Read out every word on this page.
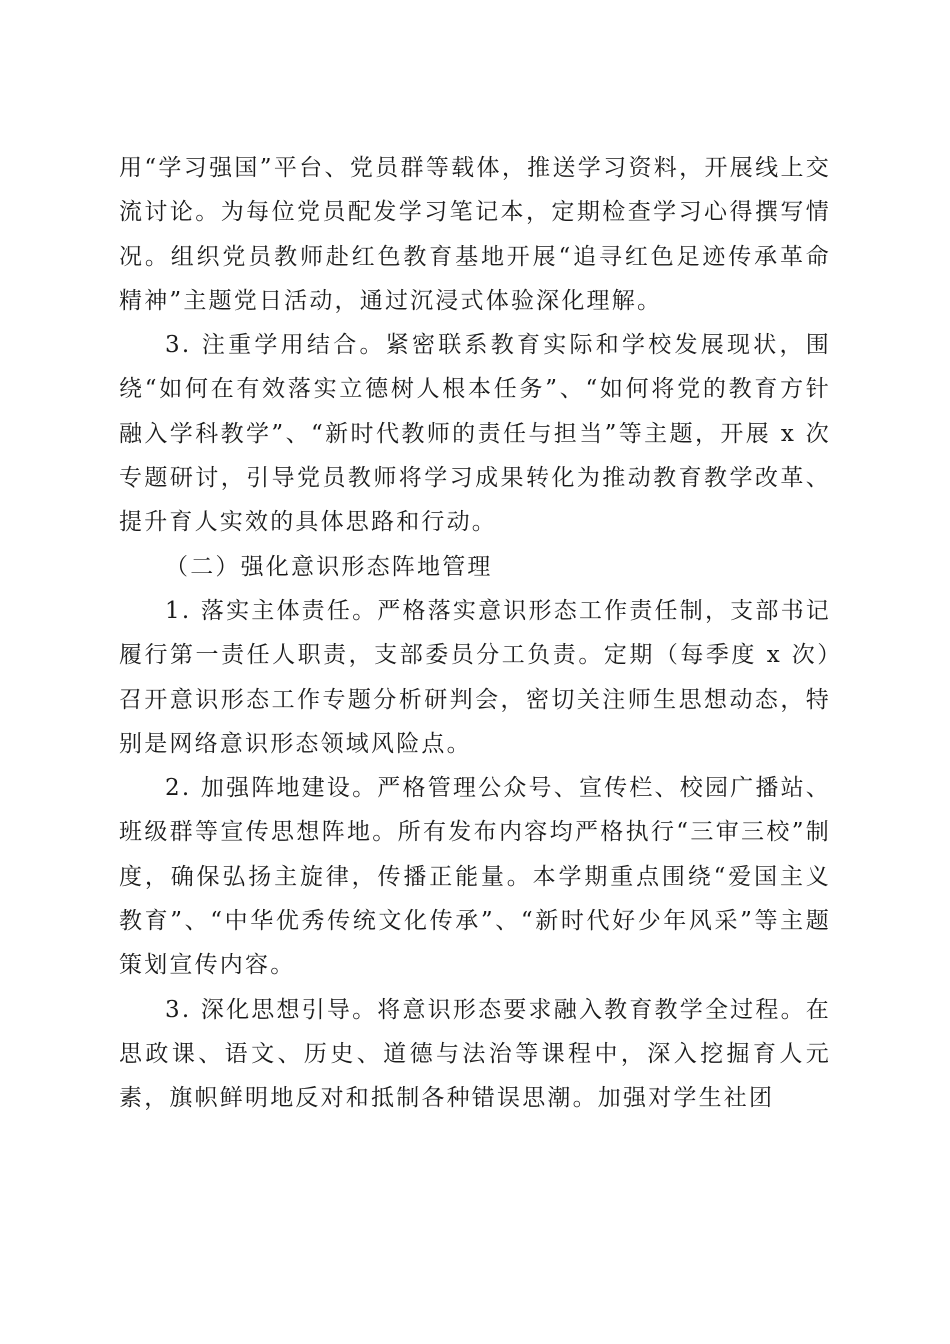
用“学习强国”平台、党员群等载体，推送学习资料，开展线上交流讨论。为每位党员配发学习笔记本，定期检查学习心得撰写情况。组织党员教师赴红色教育基地开展“追寻红色足迹传承革命精神”主题党日活动，通过沉浸式体验深化理解。

3. 注重学用结合。紧密联系教育实际和学校发展现状，围绕“如何在有效落实立德树人根本任务”、“如何将党的教育方针融入学科教学”、“新时代教师的责任与担当”等主题，开展 x 次专题研讨，引导党员教师将学习成果转化为推动教育教学改革、提升育人实效的具体思路和行动。

（二）强化意识形态阵地管理

1. 落实主体责任。严格落实意识形态工作责任制，支部书记履行第一责任人职责，支部委员分工负责。定期（每季度 x 次）召开意识形态工作专题分析研判会，密切关注师生思想动态，特别是网络意识形态领域风险点。

2. 加强阵地建设。严格管理公众号、宣传栏、校园广播站、班级群等宣传思想阵地。所有发布内容均严格执行“三审三校”制度，确保弘扬主旋律，传播正能量。本学期重点围绕“爱国主义教育”、“中华优秀传统文化传承”、“新时代好少年风采”等主题策划宣传内容。

3. 深化思想引导。将意识形态要求融入教育教学全过程。在思政课、语文、历史、道德与法治等课程中，深入挖掘育人元素，旗帜鲜明地反对和抵制各种错误思潮。加强对学生社团
